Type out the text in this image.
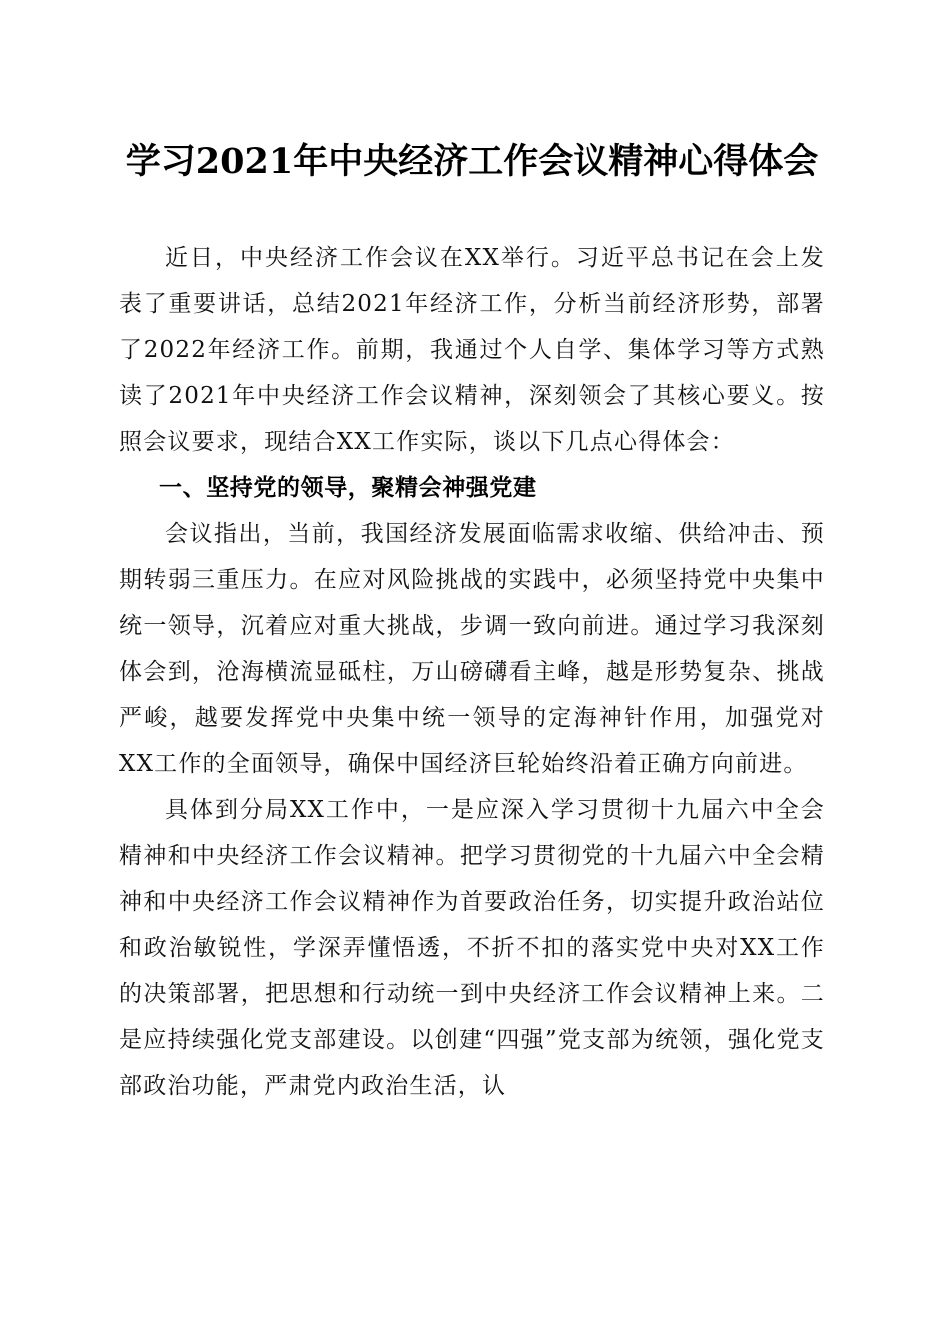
学习2021年中央经济工作会议精神心得体会

近日，中央经济工作会议在XX举行。习近平总书记在会上发表了重要讲话，总结2021年经济工作，分析当前经济形势，部署了2022年经济工作。前期，我通过个人自学、集体学习等方式熟读了2021年中央经济工作会议精神，深刻领会了其核心要义。按照会议要求，现结合XX工作实际，谈以下几点心得体会：

一、坚持党的领导，聚精会神强党建

会议指出，当前，我国经济发展面临需求收缩、供给冲击、预期转弱三重压力。在应对风险挑战的实践中，必须坚持党中央集中统一领导，沉着应对重大挑战，步调一致向前进。通过学习我深刻体会到，沧海横流显砥柱，万山磅礴看主峰，越是形势复杂、挑战严峻，越要发挥党中央集中统一领导的定海神针作用，加强党对XX工作的全面领导，确保中国经济巨轮始终沿着正确方向前进。

具体到分局XX工作中，一是应深入学习贯彻十九届六中全会精神和中央经济工作会议精神。把学习贯彻党的十九届六中全会精神和中央经济工作会议精神作为首要政治任务，切实提升政治站位和政治敏锐性，学深弄懂悟透，不折不扣的落实党中央对XX工作的决策部署，把思想和行动统一到中央经济工作会议精神上来。二是应持续强化党支部建设。以创建“四强”党支部为统领，强化党支部政治功能，严肃党内政治生活，认
